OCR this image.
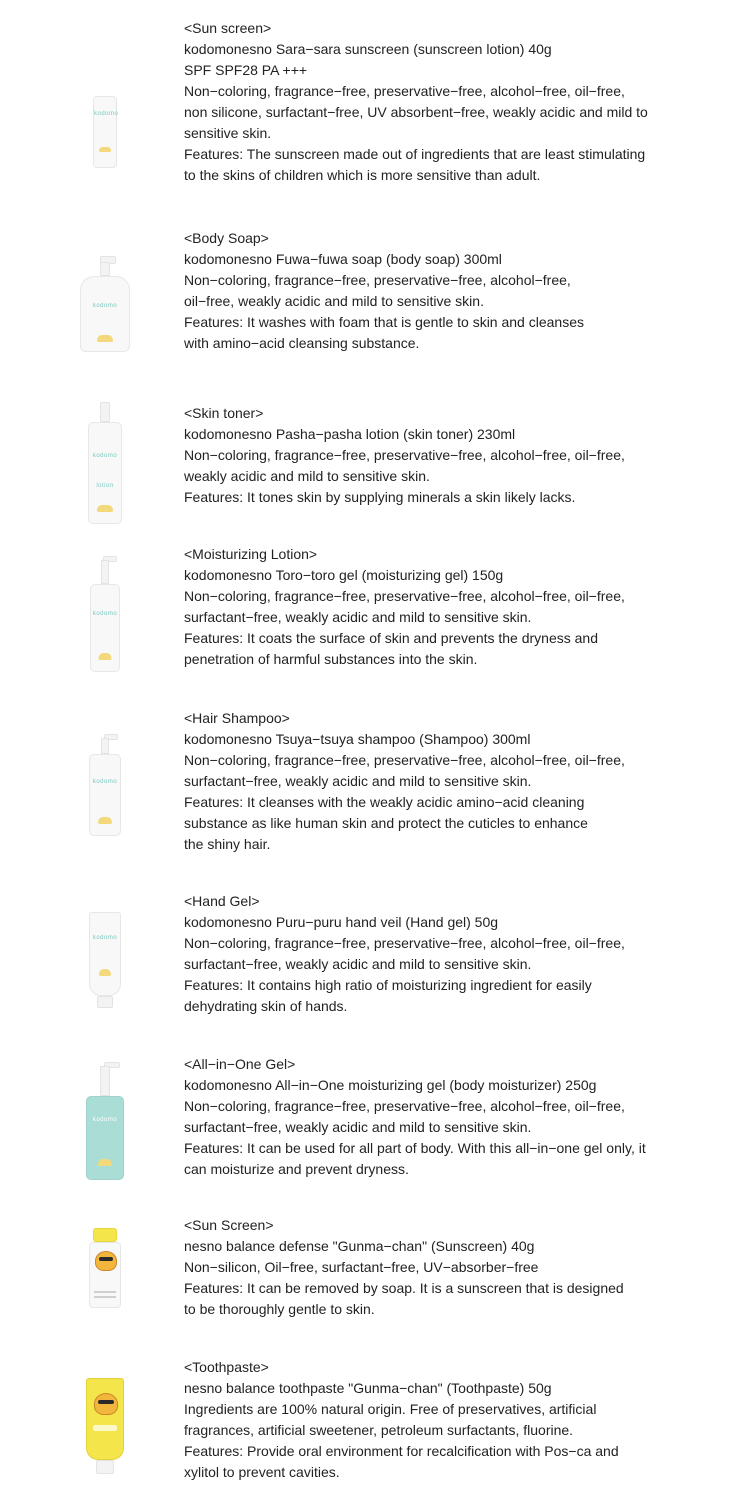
kodomo
<Sun screen>
kodomonesno Sara−sara sunscreen (sunscreen lotion) 40g
SPF SPF28 PA +++
Non−coloring, fragrance−free, preservative−free, alcohol−free, oil−free,
non silicone, surfactant−free, UV absorbent−free, weakly acidic and mild to
sensitive skin.
Features: The sunscreen made out of ingredients that are least stimulating
to the skins of children which is more sensitive than adult.
kodomo
<Body Soap>
kodomonesno Fuwa−fuwa soap (body soap) 300ml
Non−coloring, fragrance−free, preservative−free, alcohol−free,
oil−free, weakly acidic and mild to sensitive skin.
Features: It washes with foam that is gentle to skin and cleanses
with amino−acid cleansing substance.
kodomo
lotion
<Skin toner>
kodomonesno Pasha−pasha lotion (skin toner) 230ml
Non−coloring, fragrance−free, preservative−free, alcohol−free, oil−free,
weakly acidic and mild to sensitive skin.
Features: It tones skin by supplying minerals a skin likely lacks.
kodomo
<Moisturizing Lotion>
kodomonesno Toro−toro gel (moisturizing gel) 150g
Non−coloring, fragrance−free, preservative−free, alcohol−free, oil−free,
surfactant−free, weakly acidic and mild to sensitive skin.
Features: It coats the surface of skin and prevents the dryness and
penetration of harmful substances into the skin.
kodomo
<Hair Shampoo>
kodomonesno Tsuya−tsuya shampoo (Shampoo) 300ml
Non−coloring, fragrance−free, preservative−free, alcohol−free, oil−free,
surfactant−free, weakly acidic and mild to sensitive skin.
Features: It cleanses with the weakly acidic amino−acid cleaning
substance as like human skin and protect the cuticles to enhance
the shiny hair.
kodomo
<Hand Gel>
kodomonesno Puru−puru hand veil (Hand gel) 50g
Non−coloring, fragrance−free, preservative−free, alcohol−free, oil−free,
surfactant−free, weakly acidic and mild to sensitive skin.
Features: It contains high ratio of moisturizing ingredient for easily
dehydrating skin of hands.
kodomo
<All−in−One Gel>
kodomonesno All−in−One moisturizing gel (body moisturizer) 250g
Non−coloring, fragrance−free, preservative−free, alcohol−free, oil−free,
surfactant−free, weakly acidic and mild to sensitive skin.
Features: It can be used for all part of body. With this all−in−one gel only, it
can moisturize and prevent dryness.
<Sun Screen>
nesno balance defense "Gunma−chan" (Sunscreen) 40g
Non−silicon, Oil−free, surfactant−free, UV−absorber−free
Features: It can be removed by soap. It is a sunscreen that is designed
to be thoroughly gentle to skin.
<Toothpaste>
nesno balance toothpaste "Gunma−chan" (Toothpaste) 50g
Ingredients are 100% natural origin. Free of preservatives, artificial
fragrances, artificial sweetener, petroleum surfactants, fluorine.
Features: Provide oral environment for recalcification with Pos−ca and
xylitol to prevent cavities.
